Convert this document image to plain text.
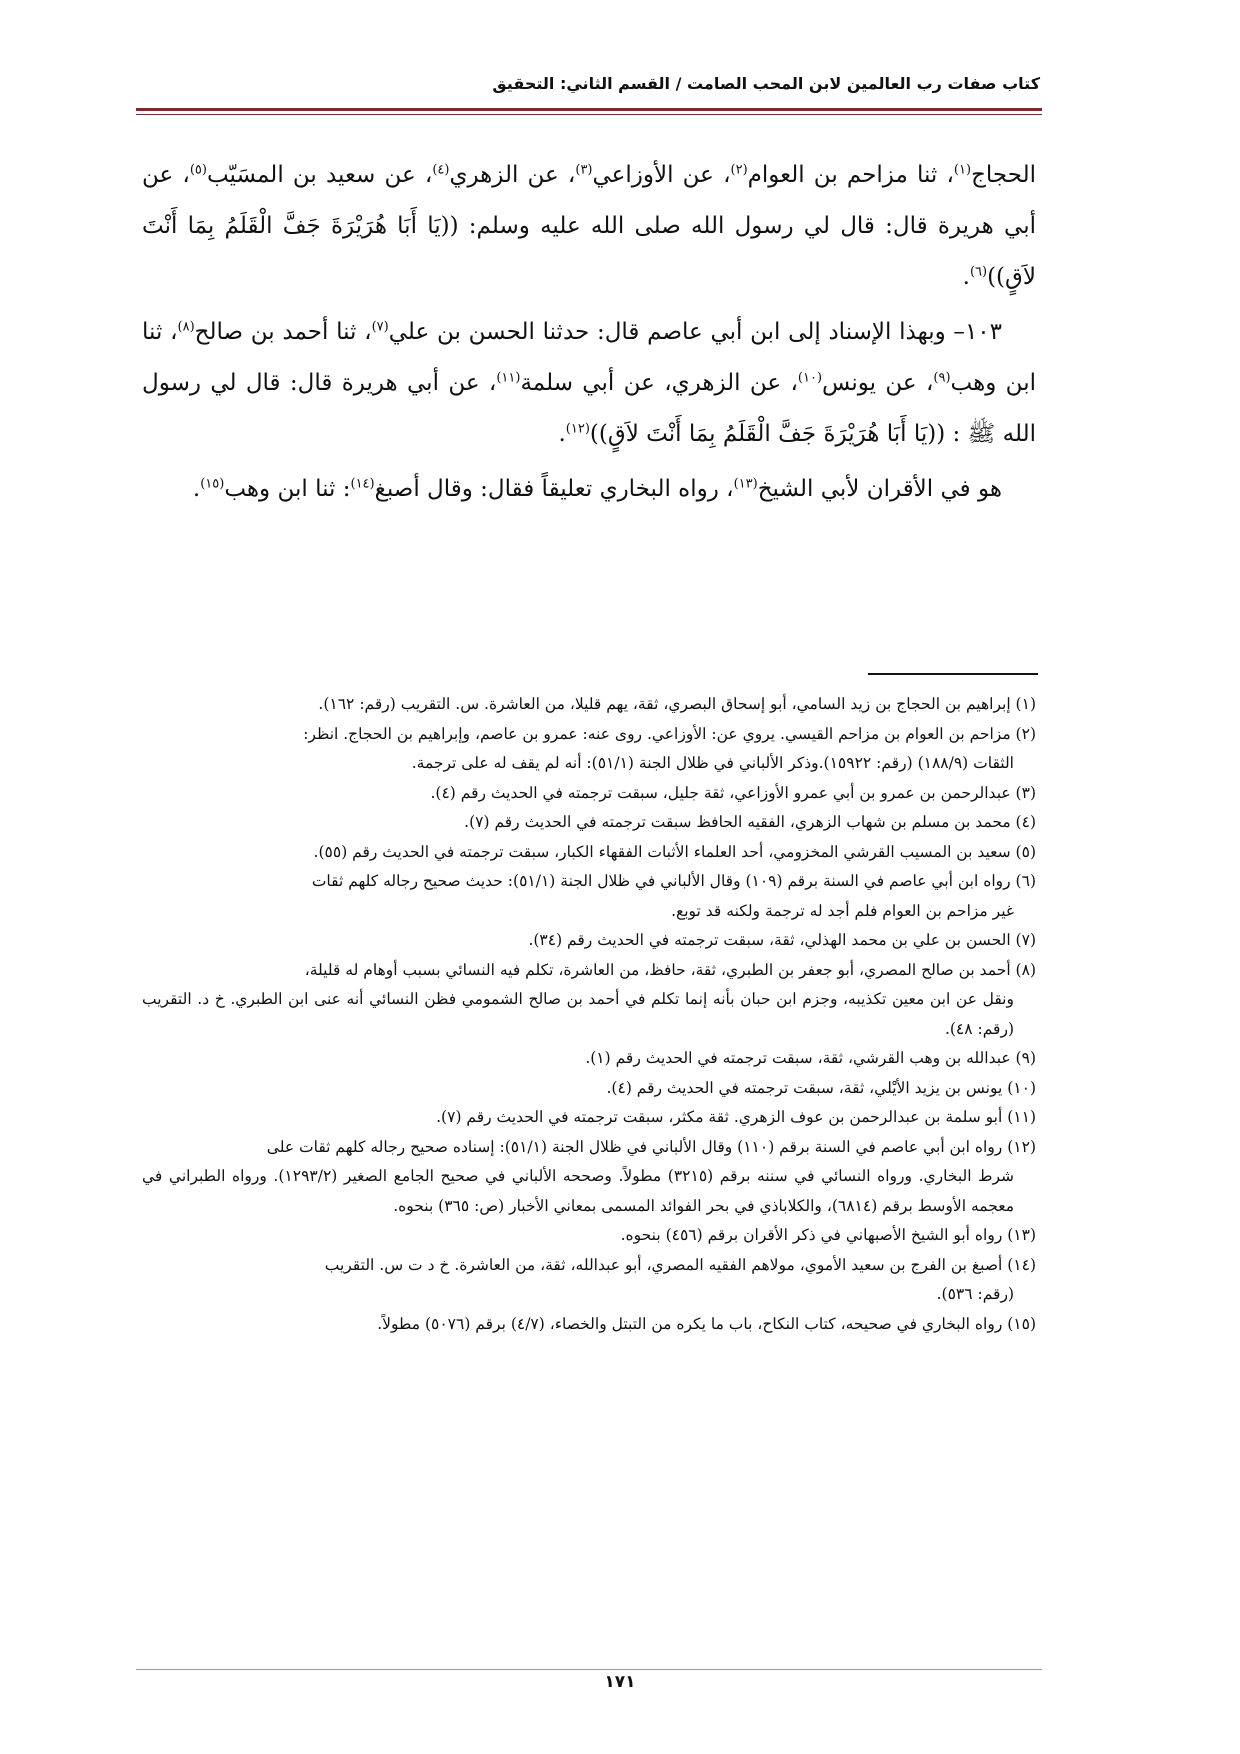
كتاب صفات رب العالمين لابن المحب الصامت / القسم الثاني: التحقيق

الحجاج$^{(١)}$، ثنا مزاحم بن العوام$^{(٢)}$، عن الأوزاعي$^{(٣)}$، عن الزهري$^{(٤)}$، عن سعيد بن المسَيّب$^{(٥)}$، عن أبي هريرة قال: قال لي رسول الله صلى الله عليه وسلم: ((يَا أَبَا هُرَيْرَةَ جَفَّ الْقَلَمُ بِمَا أَنْتَ لاَقٍ))$^{(٦)}$.

١٠٣– وبهذا الإسناد إلى ابن أبي عاصم قال: حدثنا الحسن بن علي$^{(٧)}$، ثنا أحمد بن صالح$^{(٨)}$، ثنا ابن وهب$^{(٩)}$، عن يونس$^{(١٠)}$، عن الزهري، عن أبي سلمة$^{(١١)}$، عن أبي هريرة قال: قال لي رسول الله ﷺ : ((يَا أَبَا هُرَيْرَةَ جَفَّ الْقَلَمُ بِمَا أَنْتَ لاَقٍ))$^{(١٢)}$.

هو في الأقران لأبي الشيخ$^{(١٣)}$، رواه البخاري تعليقاً فقال: وقال أصبغ$^{(١٤)}$: ثنا ابن وهب$^{(١٥)}$.

(١) إبراهيم بن الحجاج بن زيد السامي، أبو إسحاق البصري، ثقة، يهم قليلا، من العاشرة. س. التقريب (رقم: ١٦٢).

(٢) مزاحم بن العوام بن مزاحم القيسي. يروي عن: الأوزاعي. روى عنه: عمرو بن عاصم، وإبراهيم بن الحجاج. انظر:
الثقات (١٨٨/٩) (رقم: ١٥٩٢٢).وذكر الألباني في ظلال الجنة (٥١/١): أنه لم يقف له على ترجمة.

(٣) عبدالرحمن بن عمرو بن أبي عمرو الأوزاعي، ثقة جليل، سبقت ترجمته في الحديث رقم (٤).

(٤) محمد بن مسلم بن شهاب الزهري، الفقيه الحافظ سبقت ترجمته في الحديث رقم (٧).

(٥) سعيد بن المسيب القرشي المخزومي، أحد العلماء الأثبات الفقهاء الكبار، سبقت ترجمته في الحديث رقم (٥٥).

(٦) رواه ابن أبي عاصم في السنة برقم (١٠٩) وقال الألباني في ظلال الجنة (٥١/١): حديث صحيح رجاله كلهم ثقات
غير مزاحم بن العوام فلم أجد له ترجمة ولكنه قد توبع.

(٧) الحسن بن علي بن محمد الهذلي، ثقة، سبقت ترجمته في الحديث رقم (٣٤).

(٨) أحمد بن صالح المصري، أبو جعفر بن الطبري، ثقة، حافظ، من العاشرة، تكلم فيه النسائي بسبب أوهام له قليلة،
ونقل عن ابن معين تكذيبه، وجزم ابن حبان بأنه إنما تكلم في أحمد بن صالح الشمومي فظن النسائي أنه عنى ابن الطبري. خ د. التقريب (رقم: ٤٨).

(٩) عبدالله بن وهب القرشي، ثقة، سبقت ترجمته في الحديث رقم (١).

(١٠) يونس بن يزيد الأيْلي، ثقة، سبقت ترجمته في الحديث رقم (٤).

(١١) أبو سلمة بن عبدالرحمن بن عوف الزهري. ثقة مكثر، سبقت ترجمته في الحديث رقم (٧).

(١٢) رواه ابن أبي عاصم في السنة برقم (١١٠) وقال الألباني في ظلال الجنة (٥١/١): إسناده صحيح رجاله كلهم ثقات على
شرط البخاري. ورواه النسائي في سننه برقم (٣٢١٥) مطولاً. وصححه الألباني في صحيح الجامع الصغير (١٢٩٣/٢). ورواه الطبراني في معجمه الأوسط برقم (٦٨١٤)، والكلاباذي في بحر الفوائد المسمى بمعاني الأخبار (ص: ٣٦٥) بنحوه.

(١٣) رواه أبو الشيخ الأصبهاني في ذكر الأقران برقم (٤٥٦) بنحوه.

(١٤) أصبغ بن الفرج بن سعيد الأموي، مولاهم الفقيه المصري، أبو عبدالله، ثقة، من العاشرة. خ د ت س. التقريب
(رقم: ٥٣٦).

(١٥) رواه البخاري في صحيحه، كتاب النكاح، باب ما يكره من التبتل والخصاء، (٤/٧) برقم (٥٠٧٦) مطولاً.

١٧١
